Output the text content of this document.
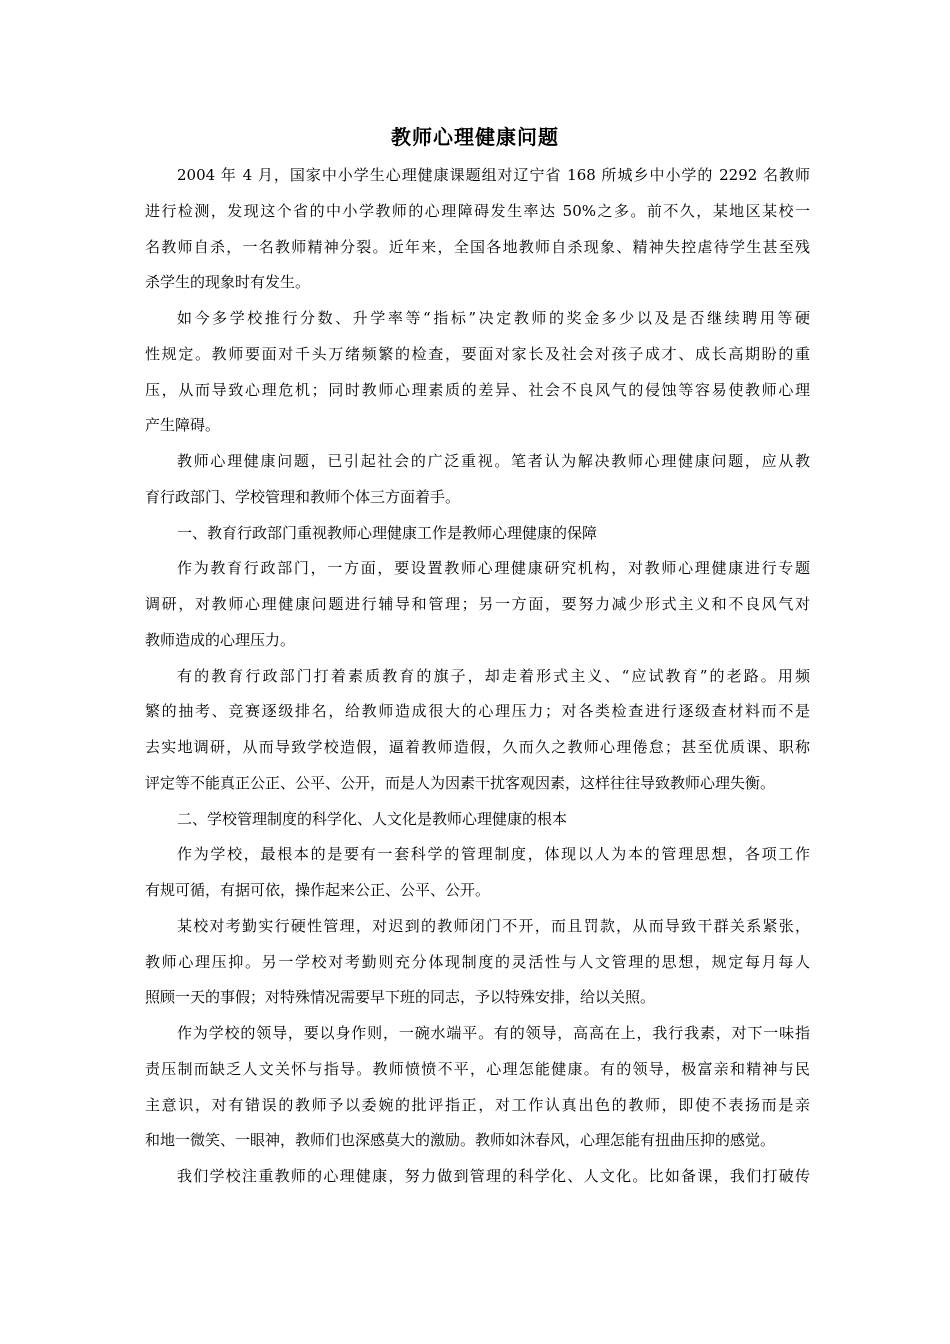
教师心理健康问题
2004 年 4 月，国家中小学生心理健康课题组对辽宁省 168 所城乡中小学的 2292 名教师
进行检测，发现这个省的中小学教师的心理障碍发生率达 50%之多。前不久，某地区某校一
名教师自杀，一名教师精神分裂。近年来，全国各地教师自杀现象、精神失控虐待学生甚至残
杀学生的现象时有发生。
如今多学校推行分数、升学率等“指标”决定教师的奖金多少以及是否继续聘用等硬
性规定。教师要面对千头万绪频繁的检查，要面对家长及社会对孩子成才、成长高期盼的重
压，从而导致心理危机；同时教师心理素质的差异、社会不良风气的侵蚀等容易使教师心理
产生障碍。
教师心理健康问题，已引起社会的广泛重视。笔者认为解决教师心理健康问题，应从教
育行政部门、学校管理和教师个体三方面着手。
一、教育行政部门重视教师心理健康工作是教师心理健康的保障
作为教育行政部门，一方面，要设置教师心理健康研究机构，对教师心理健康进行专题
调研，对教师心理健康问题进行辅导和管理；另一方面，要努力减少形式主义和不良风气对
教师造成的心理压力。
有的教育行政部门打着素质教育的旗子，却走着形式主义、“应试教育”的老路。用频
繁的抽考、竞赛逐级排名，给教师造成很大的心理压力；对各类检查进行逐级查材料而不是
去实地调研，从而导致学校造假，逼着教师造假，久而久之教师心理倦怠；甚至优质课、职称
评定等不能真正公正、公平、公开，而是人为因素干扰客观因素，这样往往导致教师心理失衡。
二、学校管理制度的科学化、人文化是教师心理健康的根本
作为学校，最根本的是要有一套科学的管理制度，体现以人为本的管理思想，各项工作
有规可循，有据可依，操作起来公正、公平、公开。
某校对考勤实行硬性管理，对迟到的教师闭门不开，而且罚款，从而导致干群关系紧张，
教师心理压抑。另一学校对考勤则充分体现制度的灵活性与人文管理的思想，规定每月每人
照顾一天的事假；对特殊情况需要早下班的同志，予以特殊安排，给以关照。
作为学校的领导，要以身作则，一碗水端平。有的领导，高高在上，我行我素，对下一味指
责压制而缺乏人文关怀与指导。教师愤愤不平，心理怎能健康。有的领导，极富亲和精神与民
主意识，对有错误的教师予以委婉的批评指正，对工作认真出色的教师，即使不表扬而是亲
和地一微笑、一眼神，教师们也深感莫大的激励。教师如沐春风，心理怎能有扭曲压抑的感觉。
我们学校注重教师的心理健康，努力做到管理的科学化、人文化。比如备课，我们打破传
